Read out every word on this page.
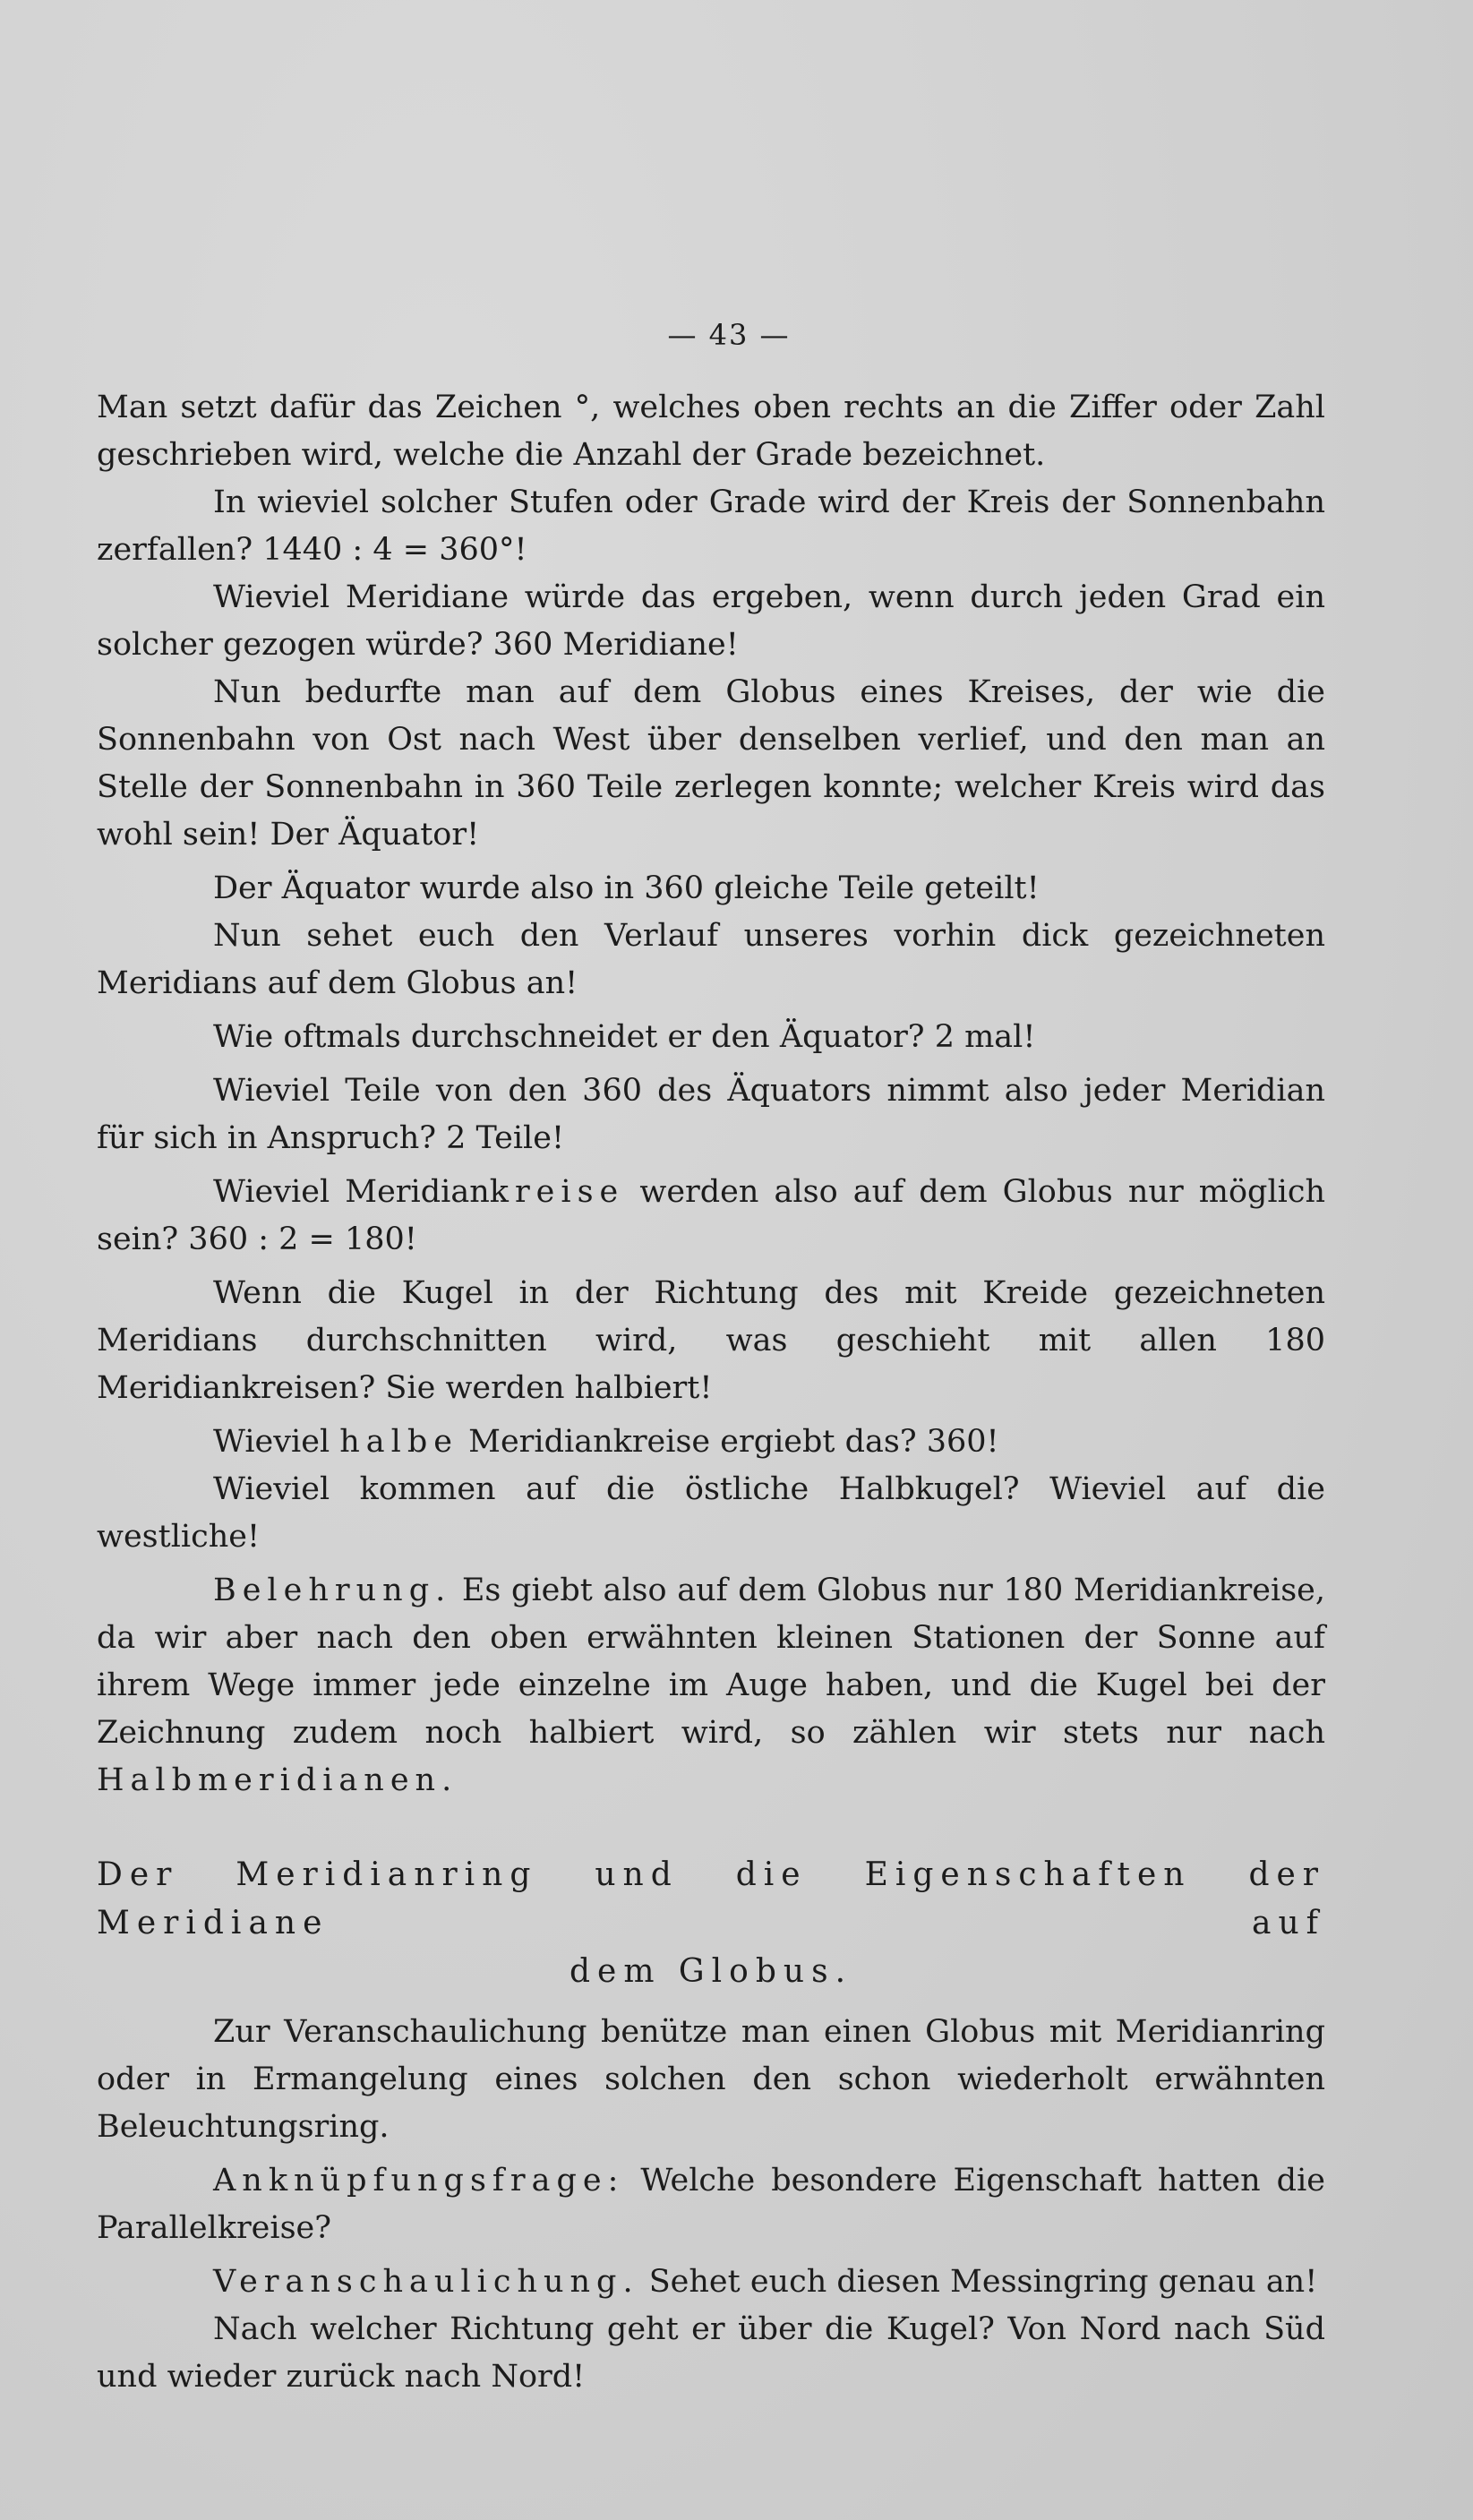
— 43 —

Man setzt dafür das Zeichen °, welches oben rechts an die Ziffer oder Zahl geschrieben wird, welche die Anzahl der Grade bezeichnet.

In wieviel solcher Stufen oder Grade wird der Kreis der Sonnenbahn zerfallen? 1440 : 4 = 360°!

Wieviel Meridiane würde das ergeben, wenn durch jeden Grad ein solcher gezogen würde? 360 Meridiane!

Nun bedurfte man auf dem Globus eines Kreises, der wie die Sonnenbahn von Ost nach West über denselben verlief, und den man an Stelle der Sonnenbahn in 360 Teile zerlegen konnte; welcher Kreis wird das wohl sein! Der Äquator!

Der Äquator wurde also in 360 gleiche Teile geteilt!

Nun sehet euch den Verlauf unseres vorhin dick gezeichneten Meridians auf dem Globus an!

Wie oftmals durchschneidet er den Äquator? 2 mal!

Wieviel Teile von den 360 des Äquators nimmt also jeder Meridian für sich in Anspruch? 2 Teile!

Wieviel Meridiankreise werden also auf dem Globus nur möglich sein? 360 : 2 = 180!

Wenn die Kugel in der Richtung des mit Kreide gezeichneten Meridians durchschnitten wird, was geschieht mit allen 180 Meridiankreisen? Sie werden halbiert!

Wieviel halbe Meridiankreise ergiebt das? 360!

Wieviel kommen auf die östliche Halbkugel? Wieviel auf die westliche!

Belehrung. Es giebt also auf dem Globus nur 180 Meridiankreise, da wir aber nach den oben erwähnten kleinen Stationen der Sonne auf ihrem Wege immer jede einzelne im Auge haben, und die Kugel bei der Zeichnung zudem noch halbiert wird, so zählen wir stets nur nach Halbmeridianen.

Der Meridianring und die Eigenschaften der Meridiane auf
dem Globus.

Zur Veranschaulichung benütze man einen Globus mit Meridianring oder in Ermangelung eines solchen den schon wiederholt erwähnten Beleuchtungsring.

Anknüpfungsfrage: Welche besondere Eigenschaft hatten die Parallelkreise?

Veranschaulichung. Sehet euch diesen Messingring genau an!

Nach welcher Richtung geht er über die Kugel? Von Nord nach Süd und wieder zurück nach Nord!
